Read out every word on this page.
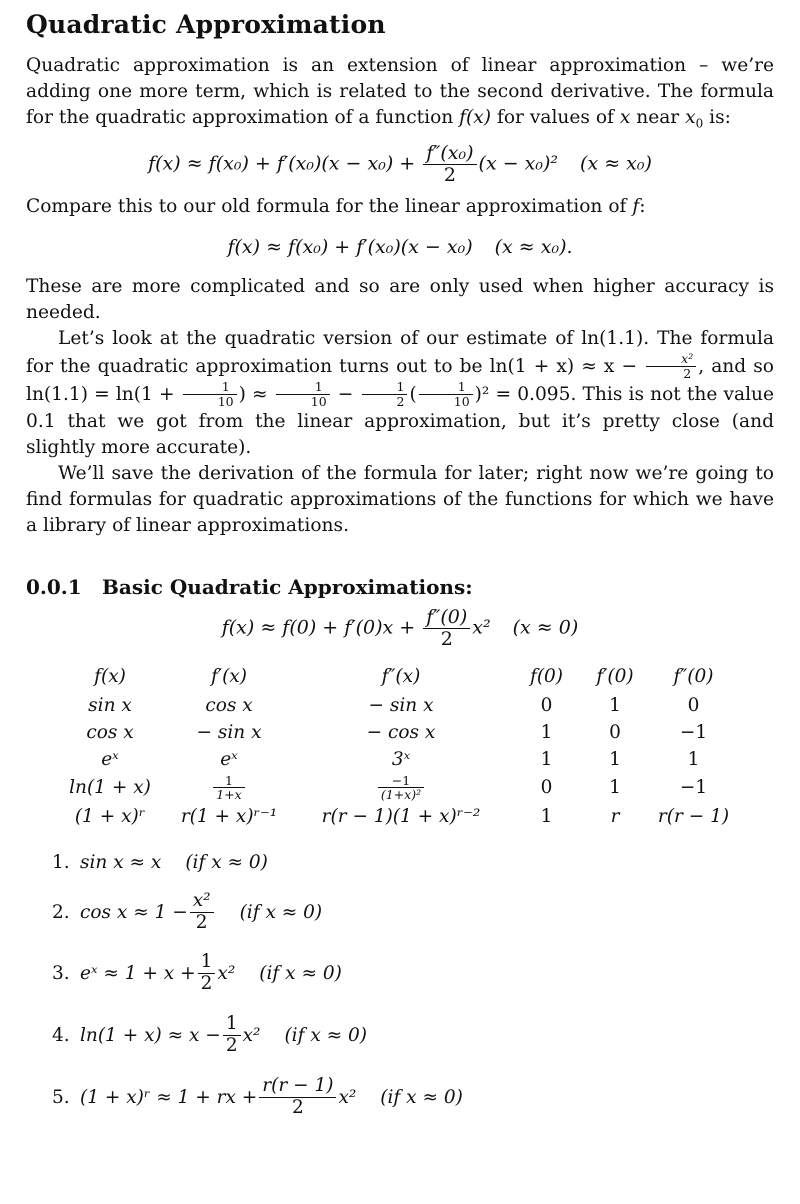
Quadratic Approximation

Quadratic approximation is an extension of linear approximation – we’re adding one more term, which is related to the second derivative. The formula for the quadratic approximation of a function f(x) for values of x near $x_0$ is:

$f(x) \approx f(x_0) + f'(x_0)(x - x_0) + \frac{\text{f″(x₀)}}{2} (x - x_0)^2$ (x ≈ x₀)

Compare this to our old formula for the linear approximation of f:

f(x) ≈ f(x₀) + f′(x₀)(x − x₀) (x ≈ x₀).

These are more complicated and so are only used when higher accuracy is needed.

Let’s look at the quadratic version of our estimate of ln(1.1). The formula for the quadratic approximation turns out to be $\ln(1 + x) \approx x - \frac{\text{x²}}{2}$ , and so $\ln(1.1) = \ln(1 + \frac{1}{10}$ ) ≈ $\frac{1}{10} - \frac{1}{2}$ ( $\frac{1}{10} )^2 = 0.095$. This is not the value 0.1 that we got from the linear approximation, but it’s pretty close (and slightly more accurate).

We’ll save the derivation of the formula for later; right now we’re going to find formulas for quadratic approximations of the functions for which we have a library of linear approximations.

0.0.1 Basic Quadratic Approximations:
$f(x) \approx f(0) + f'(0)x + \frac{f''(0)}{2} x^2$ (x ≈ 0)
f(x)	f′(x)	f″(x)	f(0)	f′(0)	f″(0)
sin x	cos x	− sin x	0	1	0
cos x	− sin x	− cos x	1	0	−1
eˣ	eˣ	3ˣ	1	1	1
ln(1 + x)	$\frac{1}{1+x}$	$\frac{-1}{\text{(1+x)²}}$	0	1	−1
(1 + x)ʳ	r(1 + x)ʳ⁻¹	r(r − 1)(1 + x)ʳ⁻²	1	r	r(r − 1)
1. sin x ≈ x (if x ≈ 0)
2. $\cos x \approx 1 - \frac{\text{x²}}{2} (if$ x ≈ 0)
3. eˣ ≈ $1 + x + \frac{1}{2} x^2$ (if x ≈ 0)
4. $\ln(1 + x) \approx x - \frac{1}{2} x^2$ (if x ≈ 0)
5. (1 + x)ʳ ≈ 1 + rx + $\frac{r(r - 1)}{2} x^2$ (if x ≈ 0)
